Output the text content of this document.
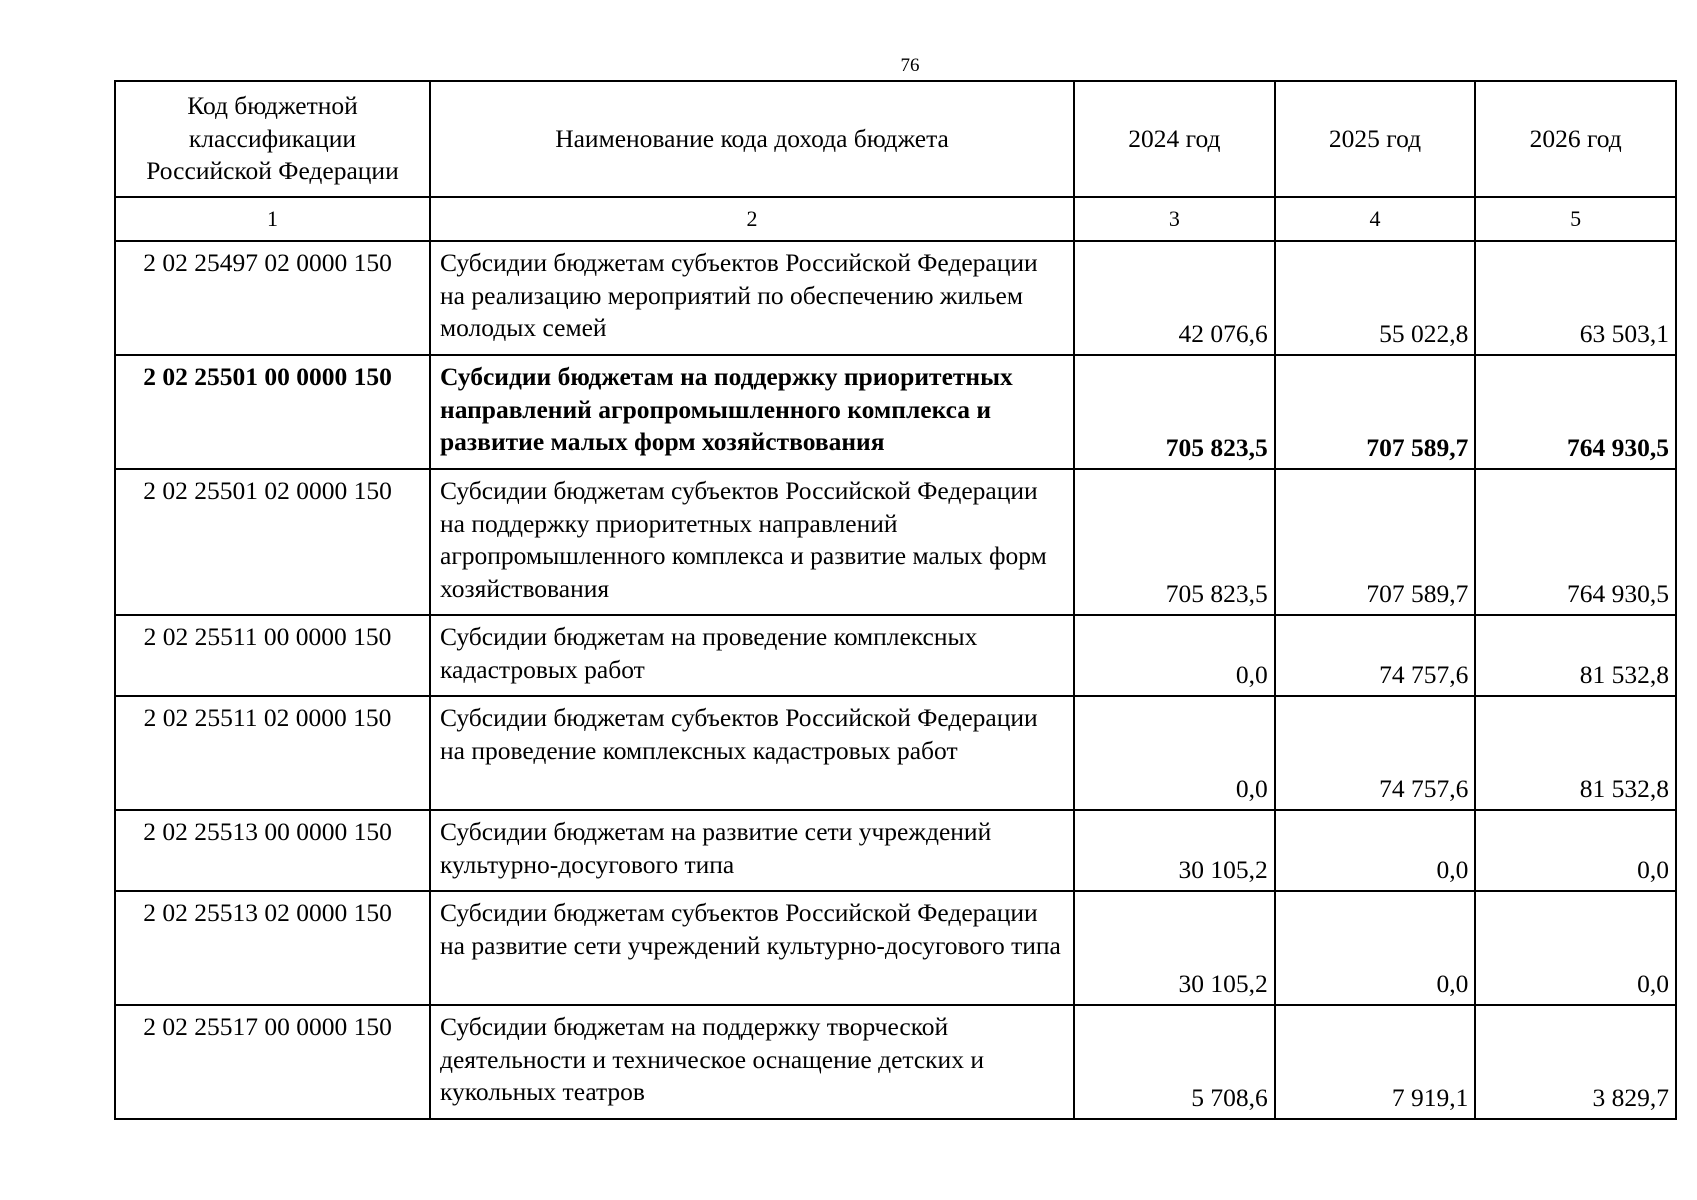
76
Код бюджетной классификации Российской Федерации	Наименование кода дохода бюджета	2024 год	2025 год	2026 год
1	2	3	4	5
2 02 25497 02 0000 150	Субсидии бюджетам субъектов Российской Федерации на реализацию мероприятий по обеспечению жильем молодых семей	42 076,6	55 022,8	63 503,1
2 02 25501 00 0000 150	Субсидии бюджетам на поддержку приоритетных направлений агропромышленного комплекса и развитие малых форм хозяйствования	705 823,5	707 589,7	764 930,5
2 02 25501 02 0000 150	Субсидии бюджетам субъектов Российской Федерации на поддержку приоритетных направлений агропромышленного комплекса и развитие малых форм хозяйствования	705 823,5	707 589,7	764 930,5
2 02 25511 00 0000 150	Субсидии бюджетам на проведение комплексных кадастровых работ	0,0	74 757,6	81 532,8
2 02 25511 02 0000 150	Субсидии бюджетам субъектов Российской Федерации на проведение комплексных кадастровых работ	0,0	74 757,6	81 532,8
2 02 25513 00 0000 150	Субсидии бюджетам на развитие сети учреждений культурно-досугового типа	30 105,2	0,0	0,0
2 02 25513 02 0000 150	Субсидии бюджетам субъектов Российской Федерации на развитие сети учреждений культурно-досугового типа	30 105,2	0,0	0,0
2 02 25517 00 0000 150	Субсидии бюджетам на поддержку творческой деятельности и техническое оснащение детских и кукольных театров	5 708,6	7 919,1	3 829,7
